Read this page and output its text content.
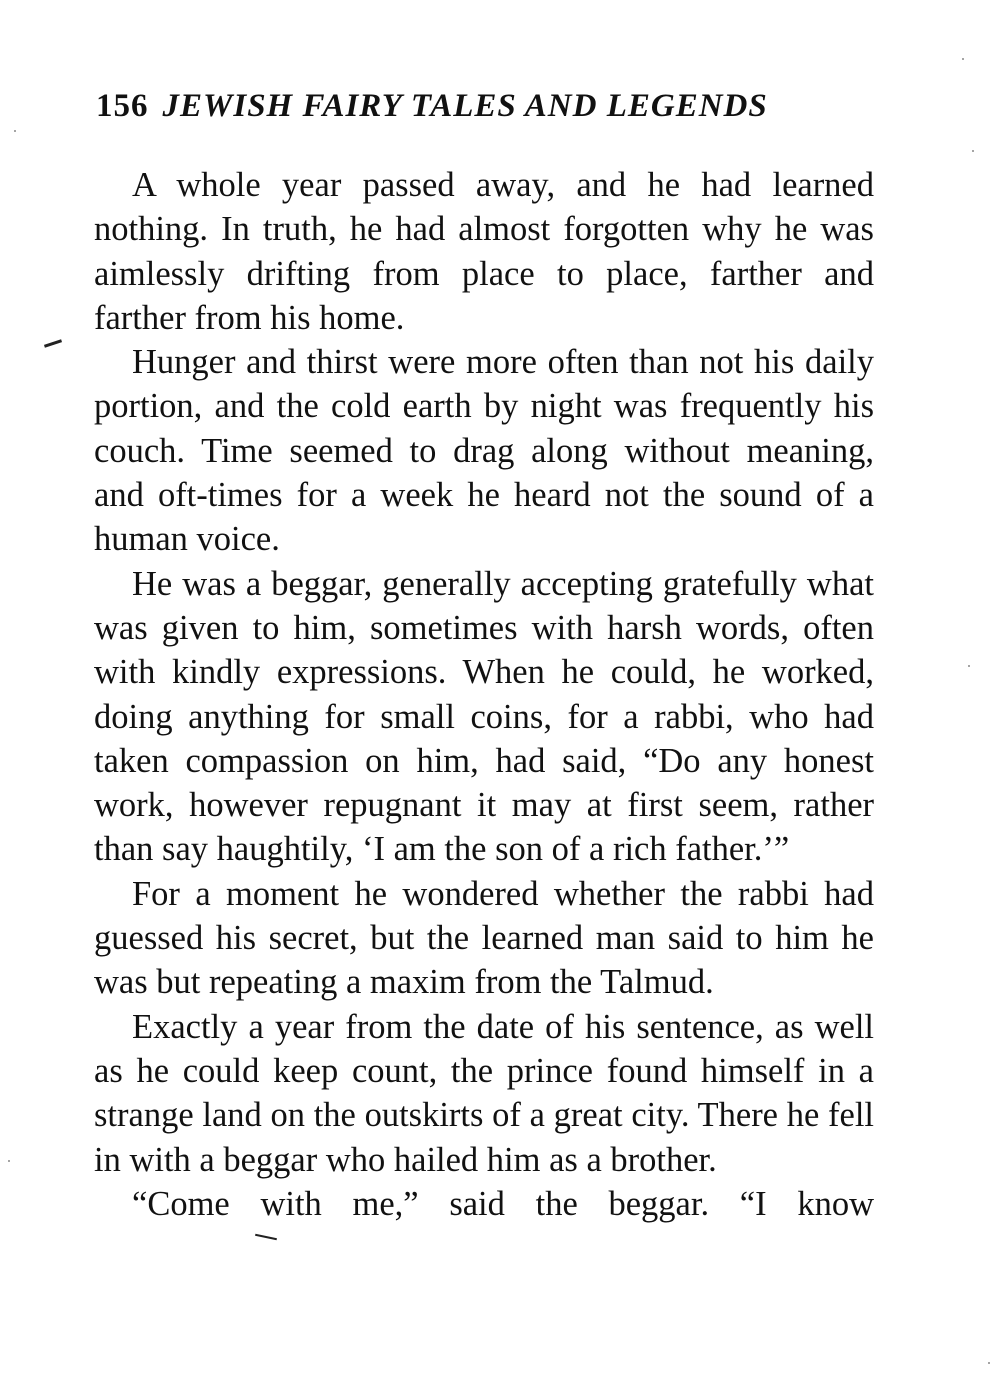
156 JEWISH FAIRY TALES AND LEGENDS

A whole year passed away, and he had learned nothing. In truth, he had almost forgotten why he was aimlessly drifting from place to place, farther and farther from his home.

Hunger and thirst were more often than not his daily portion, and the cold earth by night was frequently his couch. Time seemed to drag along without meaning, and oft-times for a week he heard not the sound of a human voice.

He was a beggar, generally accepting gratefully what was given to him, sometimes with harsh words, often with kindly expressions. When he could, he worked, doing anything for small coins, for a rabbi, who had taken compassion on him, had said, “Do any honest work, however repugnant it may at first seem, rather than say haughtily, ‘I am the son of a rich father.’”

For a moment he wondered whether the rabbi had guessed his secret, but the learned man said to him he was but repeating a maxim from the Talmud.

Exactly a year from the date of his sentence, as well as he could keep count, the prince found himself in a strange land on the outskirts of a great city. There he fell in with a beggar who hailed him as a brother.

“Come with me,” said the beggar. “I know
